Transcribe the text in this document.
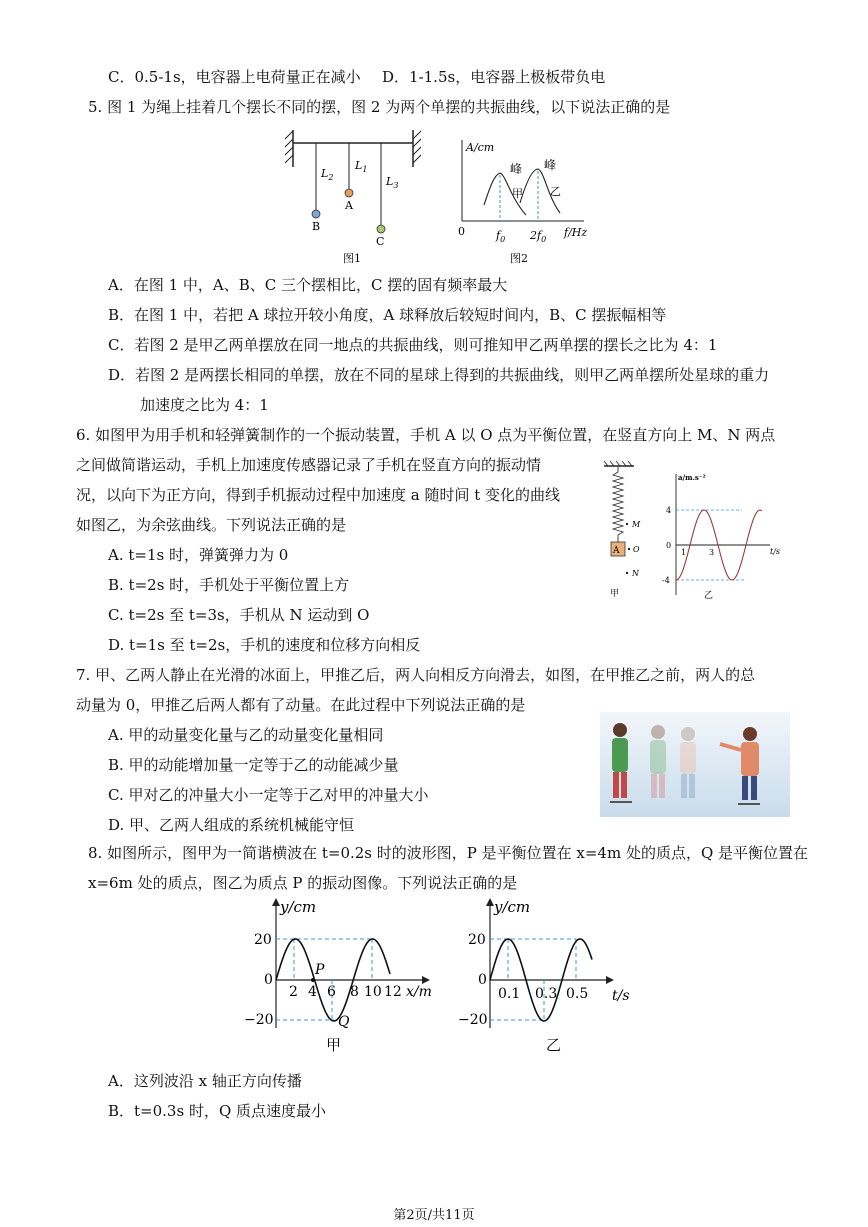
C．0.5-1s，电容器上电荷量正在减小 D．1-1.5s，电容器上极板带负电
5. 图 1 为绳上挂着几个摆长不同的摆，图 2 为两个单摆的共振曲线，以下说法正确的是
$L_2$
$L_1$
$L_3$
A
B
C
图1
A/cm
峰 峰
甲 乙
0	$f_0$ $2f_0$
f/Hz
图2
A．在图 1 中，A、B、C 三个摆相比，C 摆的固有频率最大
B．在图 1 中，若把 A 球拉开较小角度，A 球释放后较短时间内，B、C 摆振幅相等
C．若图 2 是甲乙两单摆放在同一地点的共振曲线，则可推知甲乙两单摆的摆长之比为 4：1
D．若图 2 是两摆长相同的单摆，放在不同的星球上得到的共振曲线，则甲乙两单摆所处星球的重力
加速度之比为 4：1
6. 如图甲为用手机和轻弹簧制作的一个振动装置，手机 A 以 O 点为平衡位置，在竖直方向上 M、N 两点
之间做简谐运动，手机上加速度传感器记录了手机在竖直方向的振动情
况，以向下为正方向，得到手机振动过程中加速度 a 随时间 t 变化的曲线
如图乙，为余弦曲线。下列说法正确的是
A. t=1s 时，弹簧弹力为 0
B. t=2s 时，手机处于平衡位置上方
C. t=2s 至 t=3s，手机从 N 运动到 O
D. t=1s 至 t=2s，手机的速度和位移方向相反
A
M
O
N
甲
a/m.s⁻²
4
0
-4
1	3	t/s
乙
7. 甲、乙两人静止在光滑的冰面上，甲推乙后，两人向相反方向滑去，如图，在甲推乙之前，两人的总
动量为 0，甲推乙后两人都有了动量。在此过程中下列说法正确的是
A. 甲的动量变化量与乙的动量变化量相同
B. 甲的动能增加量一定等于乙的动能减少量
C. 甲对乙的冲量大小一定等于乙对甲的冲量大小
D. 甲、乙两人组成的系统机械能守恒
8. 如图所示，图甲为一简谐横波在 t=0.2s 时的波形图，P 是平衡位置在 x=4m 处的质点，Q 是平衡位置在
x=6m 处的质点，图乙为质点 P 的振动图像。下列说法正确的是
y/cm
20
0
−20
2 4 6 8 10 12 x/m
P
Q
甲
y/cm
20
0
−20
0.1 0.3 0.5 t/s
乙
A．这列波沿 x 轴正方向传播
B．t=0.3s 时，Q 质点速度最小
第2页/共11页
